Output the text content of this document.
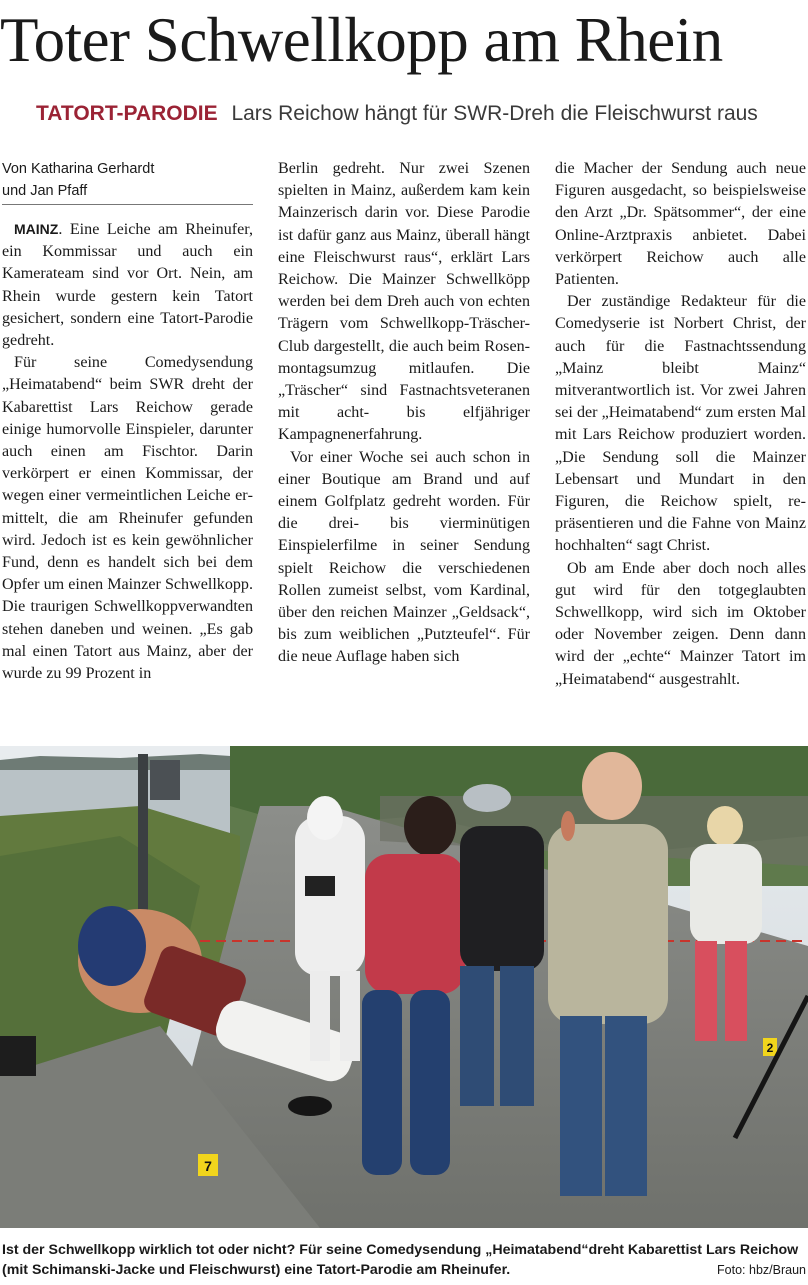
Toter Schwellkopp am Rhein
TATORT-PARODIE Lars Reichow hängt für SWR-Dreh die Fleischwurst raus
Von Katharina Gerhardt
und Jan Pfaff

MAINZ. Eine Leiche am Rheinufer, ein Kommissar und auch ein Kamerateam sind vor Ort. Nein, am Rhein wurde gestern kein Tatort gesichert, sondern eine Tatort-Parodie gedreht.

Für seine Comedysendung „Heimatabend“ beim SWR dreht der Kabarettist Lars Reichow gerade einige humorvolle Einspieler, darunter auch einen am Fischtor. Darin verkörpert er einen Kommissar, der wegen einer vermeintlichen Leiche ermittelt, die am Rheinufer gefunden wird. Jedoch ist es kein gewöhnlicher Fund, denn es handelt sich bei dem Opfer um einen Mainzer Schwellkopp. Die traurigen Schwellkoppverwandten stehen daneben und weinen. „Es gab mal einen Tatort aus Mainz, aber der wurde zu 99 Prozent in

Berlin gedreht. Nur zwei Szenen spielten in Mainz, außerdem kam kein Mainzerisch darin vor. Diese Parodie ist dafür ganz aus Mainz, überall hängt eine Fleischwurst raus“, erklärt Lars Reichow. Die Mainzer Schwellköpp werden bei dem Dreh auch von echten Trägern vom Schwellkopp-Träscher-Club dargestellt, die auch beim Rosenmontagsumzug mitlaufen. Die „Träscher“ sind Fastnachtsveteranen mit acht- bis elfjähriger Kampagnenerfahrung.

Vor einer Woche sei auch schon in einer Boutique am Brand und auf einem Golfplatz gedreht worden. Für die drei- bis vierminütigen Einspielerfilme in seiner Sendung spielt Reichow die verschiedenen Rollen zumeist selbst, vom Kardinal, über den reichen Mainzer „Geldsack“, bis zum weiblichen „Putzteufel“. Für die neue Auflage haben sich

die Macher der Sendung auch neue Figuren ausgedacht, so beispielsweise den Arzt „Dr. Spätsommer“, der eine Online-Arztpraxis anbietet. Dabei verkörpert Reichow auch alle Patienten.

Der zuständige Redakteur für die Comedyserie ist Norbert Christ, der auch für die Fastnachtssendung „Mainz bleibt Mainz“ mitverantwortlich ist. Vor zwei Jahren sei der „Heimatabend“ zum ersten Mal mit Lars Reichow produziert worden. „Die Sendung soll die Mainzer Lebensart und Mundart in den Figuren, die Reichow spielt, repräsentieren und die Fahne von Mainz hochhalten“ sagt Christ.

Ob am Ende aber doch noch alles gut wird für den totgeglaubten Schwellkopp, wird sich im Oktober oder November zeigen. Denn dann wird der „echte“ Mainzer Tatort im „Heimatabend“ ausgestrahlt.

7
2
Ist der Schwellkopp wirklich tot oder nicht? Für seine Comedysendung „Heimatabend“dreht Kabarettist Lars Reichow (mit Schimanski-Jacke und Fleischwurst) eine Tatort-Parodie am Rheinufer.	Foto: hbz/Braun
